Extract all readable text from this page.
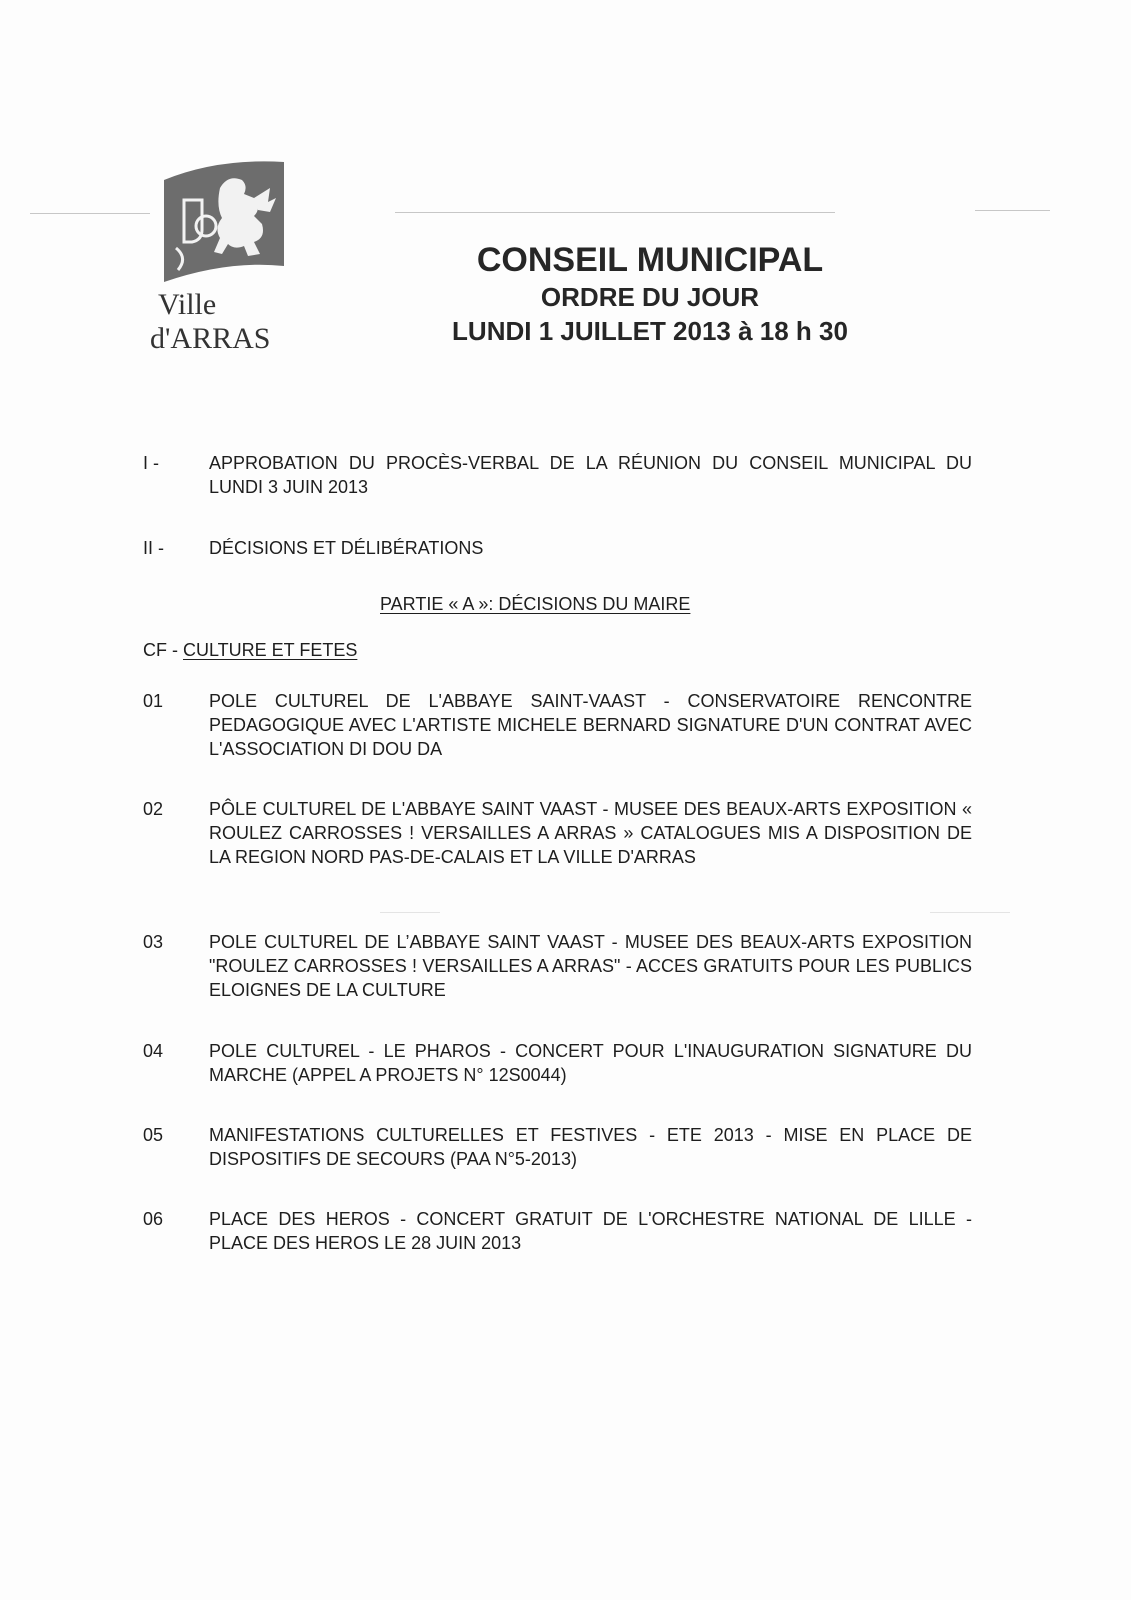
Ville
d'ARRAS
CONSEIL MUNICIPAL
ORDRE DU JOUR
LUNDI 1 JUILLET 2013 à 18 h 30
I -	APPROBATION DU PROCÈS-VERBAL DE LA RÉUNION DU CONSEIL MUNICIPAL DU LUNDI 3 JUIN 2013
II -	DÉCISIONS ET DÉLIBÉRATIONS
PARTIE « A »: DÉCISIONS DU MAIRE
CF - CULTURE ET FETES
01	POLE CULTUREL DE L'ABBAYE SAINT-VAAST - CONSERVATOIRE RENCONTRE PEDAGOGIQUE AVEC L'ARTISTE MICHELE BERNARD SIGNATURE D'UN CONTRAT AVEC L'ASSOCIATION DI DOU DA
02	PÔLE CULTUREL DE L'ABBAYE SAINT VAAST - MUSEE DES BEAUX-ARTS EXPOSITION « ROULEZ CARROSSES ! VERSAILLES A ARRAS » CATALOGUES MIS A DISPOSITION DE LA REGION NORD PAS-DE-CALAIS ET LA VILLE D'ARRAS
03	POLE CULTUREL DE L’ABBAYE SAINT VAAST - MUSEE DES BEAUX-ARTS EXPOSITION "ROULEZ CARROSSES ! VERSAILLES A ARRAS" - ACCES GRATUITS POUR LES PUBLICS ELOIGNES DE LA CULTURE
04	POLE CULTUREL - LE PHAROS - CONCERT POUR L'INAUGURATION SIGNATURE DU MARCHE (APPEL A PROJETS N° 12S0044)
05	MANIFESTATIONS CULTURELLES ET FESTIVES - ETE 2013 - MISE EN PLACE DE DISPOSITIFS DE SECOURS (PAA N°5-2013)
06	PLACE DES HEROS - CONCERT GRATUIT DE L'ORCHESTRE NATIONAL DE LILLE - PLACE DES HEROS LE 28 JUIN 2013
